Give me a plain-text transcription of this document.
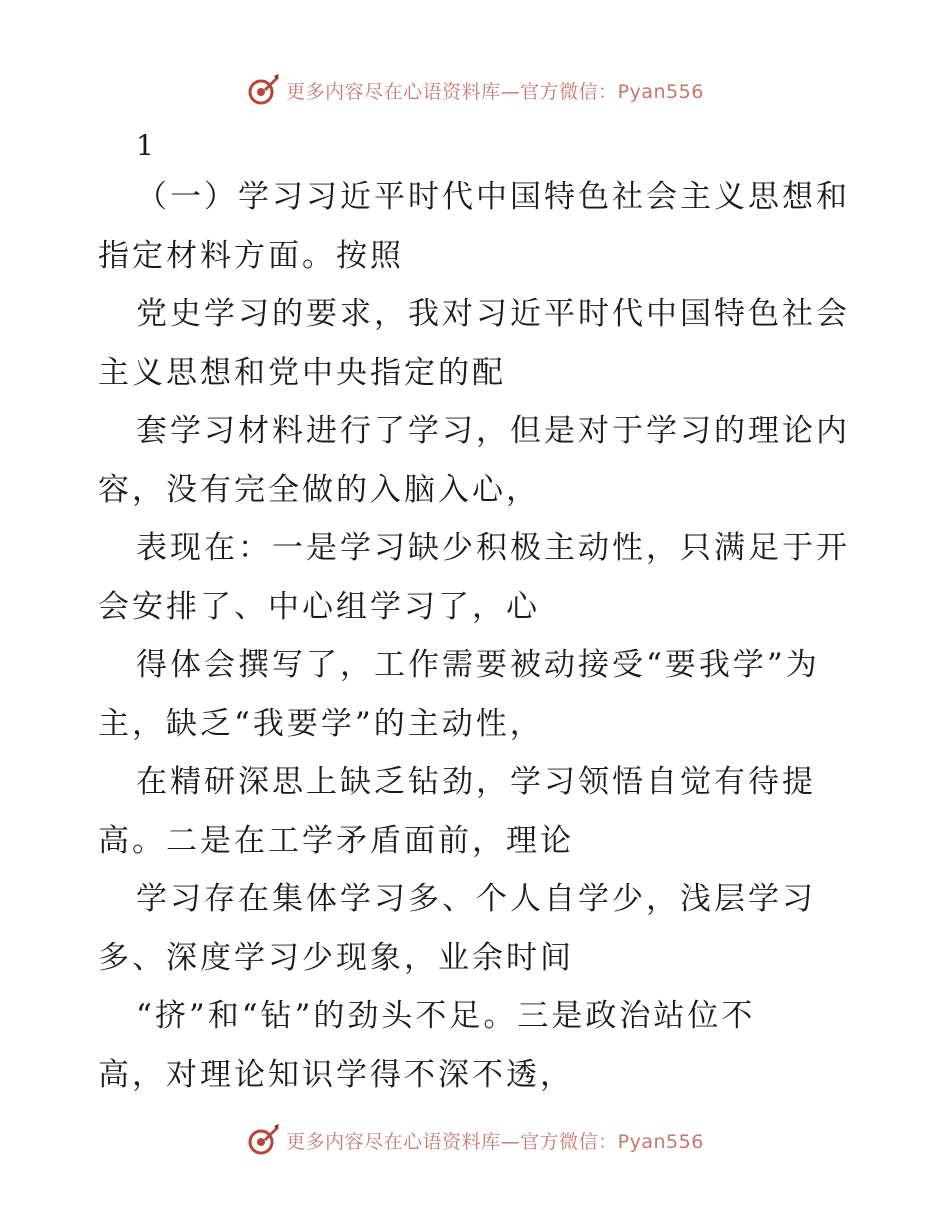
更多内容尽在心语资料库—官方微信：Pyan556

1

（一）学习习近平时代中国特色社会主义思想和

指定材料方面。按照

党史学习的要求，我对习近平时代中国特色社会

主义思想和党中央指定的配

套学习材料进行了学习，但是对于学习的理论内

容，没有完全做的入脑入心，

表现在：一是学习缺少积极主动性，只满足于开

会安排了、中心组学习了，心

得体会撰写了，工作需要被动接受“要我学”为

主，缺乏“我要学”的主动性，

在精研深思上缺乏钻劲，学习领悟自觉有待提

高。二是在工学矛盾面前，理论

学习存在集体学习多、个人自学少，浅层学习

多、深度学习少现象，业余时间

“挤”和“钻”的劲头不足。三是政治站位不

高，对理论知识学得不深不透，

更多内容尽在心语资料库—官方微信：Pyan556
